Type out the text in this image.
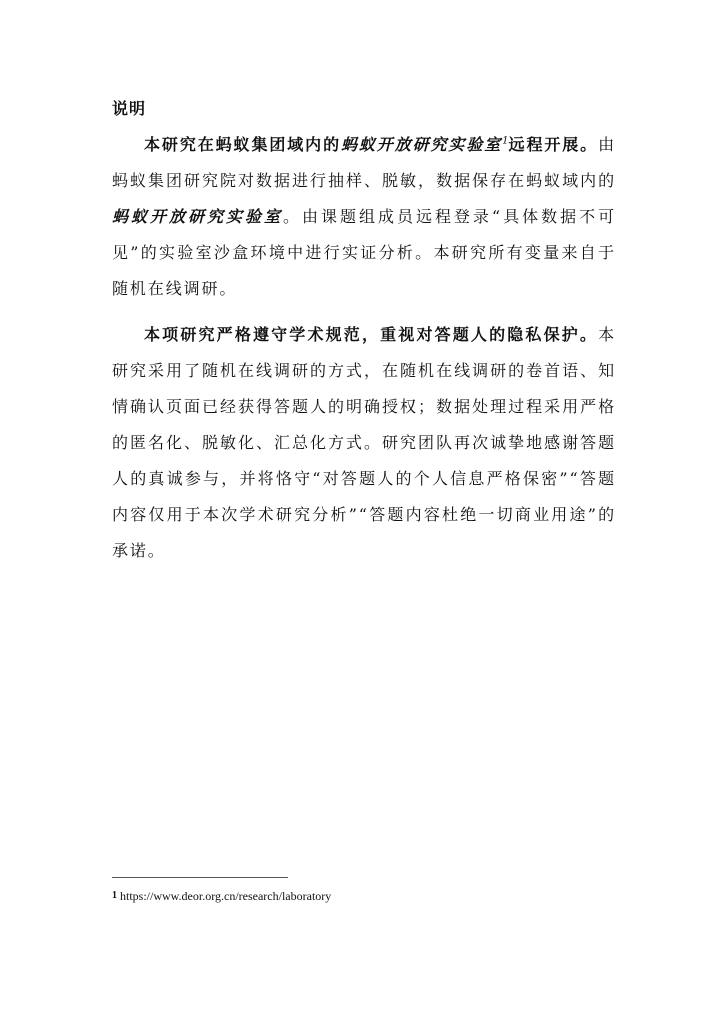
说明

本研究在蚂蚁集团域内的蚂蚁开放研究实验室$^1$远程开展。由蚂蚁集团研究院对数据进行抽样、脱敏，数据保存在蚂蚁域内的蚂蚁开放研究实验室。由课题组成员远程登录“具体数据不可见”的实验室沙盒环境中进行实证分析。本研究所有变量来自于随机在线调研。

本项研究严格遵守学术规范，重视对答题人的隐私保护。本研究采用了随机在线调研的方式，在随机在线调研的卷首语、知情确认页面已经获得答题人的明确授权；数据处理过程采用严格的匿名化、脱敏化、汇总化方式。研究团队再次诚挚地感谢答题人的真诚参与，并将恪守“对答题人的个人信息严格保密”“答题内容仅用于本次学术研究分析”“答题内容杜绝一切商业用途”的承诺。

$^1$ https://www.deor.org.cn/research/laboratory
